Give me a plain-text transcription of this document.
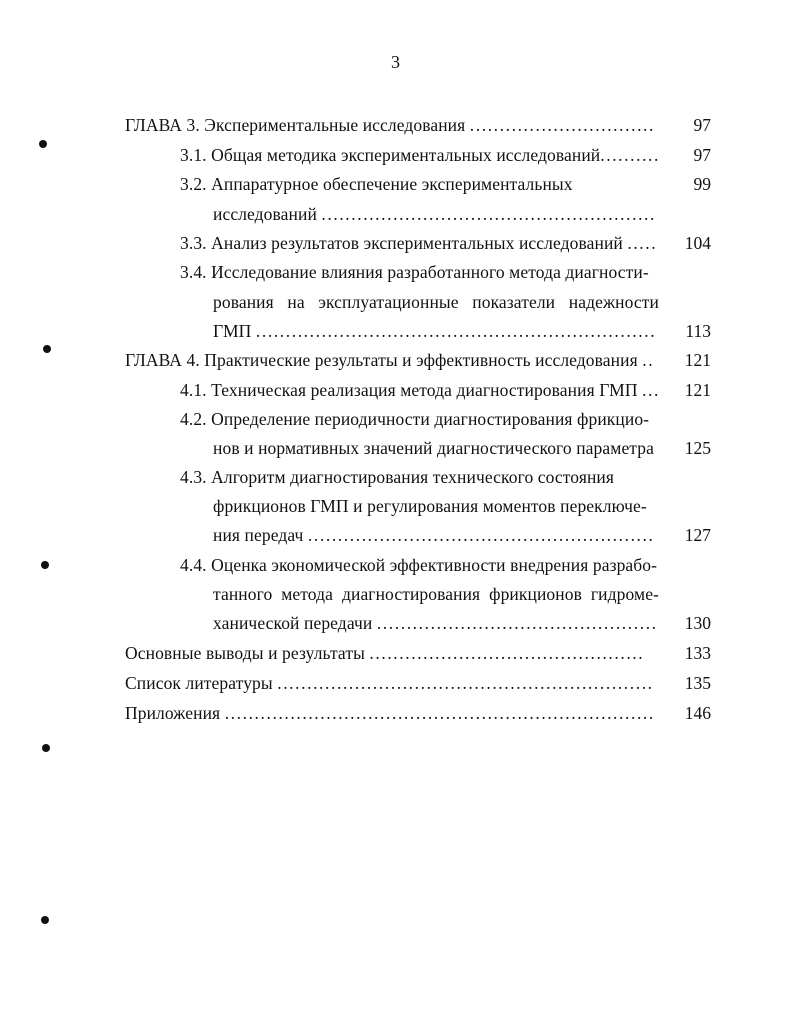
3
ГЛАВА 3. Экспериментальные исследования ...............................	97
3.1. Общая методика экспериментальных исследований..........	97
3.2. Аппаратурное обеспечение экспериментальных	99
исследований ........................................................
3.3. Анализ результатов экспериментальных исследований .....	104
3.4. Исследование влияния разработанного метода диагности-
рования на эксплуатационные показатели надежности
ГМП ...................................................................	113
ГЛАВА 4. Практические результаты и эффективность исследования ..	121
4.1. Техническая реализация метода диагностирования ГМП ...	121
4.2. Определение периодичности диагностирования фрикцио-
нов и нормативных значений диагностического параметра	125
4.3. Алгоритм диагностирования технического состояния
фрикционов ГМП и регулирования моментов переключе-
ния передач ..........................................................	127
4.4. Оценка экономической эффективности внедрения разрабо-
танного метода диагностирования фрикционов гидроме-
ханической передачи ...............................................	130
Основные выводы и результаты ..............................................	133
Список литературы ...............................................................	135
Приложения ........................................................................	146
